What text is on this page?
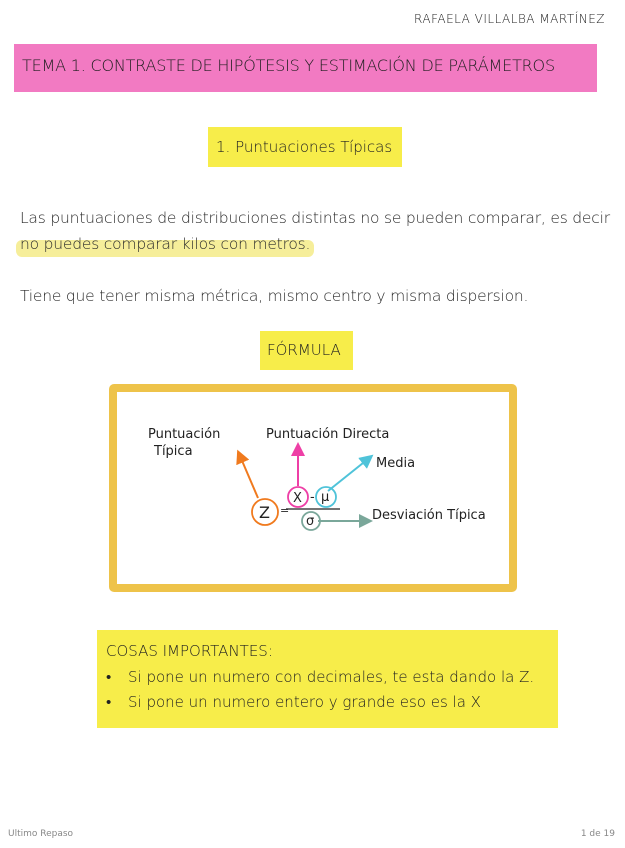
RAFAELA VILLALBA MARTÍNEZ
TEMA 1. CONTRASTE DE HIPÓTESIS Y ESTIMACIÓN DE PARÁMETROS
1. Puntuaciones Típicas
Las puntuaciones de distribuciones distintas no se pueden comparar, es decir
no puedes comparar kilos con metros.
Tiene que tener misma métrica, mismo centro y misma dispersion.
FÓRMULA
Puntuación
Típica
Puntuación Directa
Media
Desviación Típica
Z =
X - μ
σ
COSAS IMPORTANTES:
• Si pone un numero con decimales, te esta dando la Z.
• Si pone un numero entero y grande eso es la X
Ultimo Repaso	1 de 19
